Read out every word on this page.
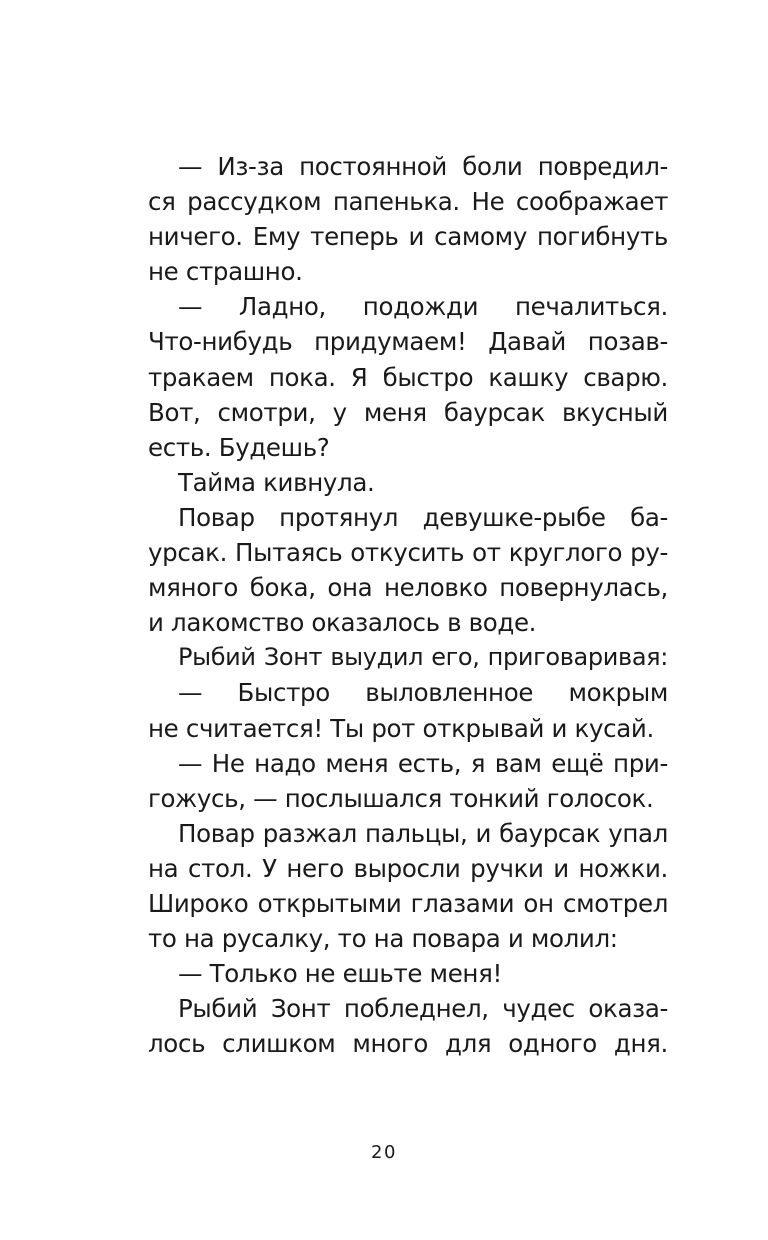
— Из-за постоянной боли повредил-
ся рассудком папенька. Не соображает
ничего. Ему теперь и самому погибнуть
не страшно.
— Ладно, подожди печалиться.
Что-нибудь придумаем! Давай позав-
тракаем пока. Я быстро кашку сварю.
Вот, смотри, у меня баурсак вкусный
есть. Будешь?
Тайма кивнула.
Повар протянул девушке-рыбе ба-
урсак. Пытаясь откусить от круглого ру-
мяного бока, она неловко повернулась,
и лакомство оказалось в воде.
Рыбий Зонт выудил его, приговаривая:
— Быстро выловленное мокрым
не считается! Ты рот открывай и кусай.
— Не надо меня есть, я вам ещё при-
гожусь, — послышался тонкий голосок.
Повар разжал пальцы, и баурсак упал
на стол. У него выросли ручки и ножки.
Широко открытыми глазами он смотрел
то на русалку, то на повара и молил:
— Только не ешьте меня!
Рыбий Зонт побледнел, чудес оказа-
лось слишком много для одного дня.
20
